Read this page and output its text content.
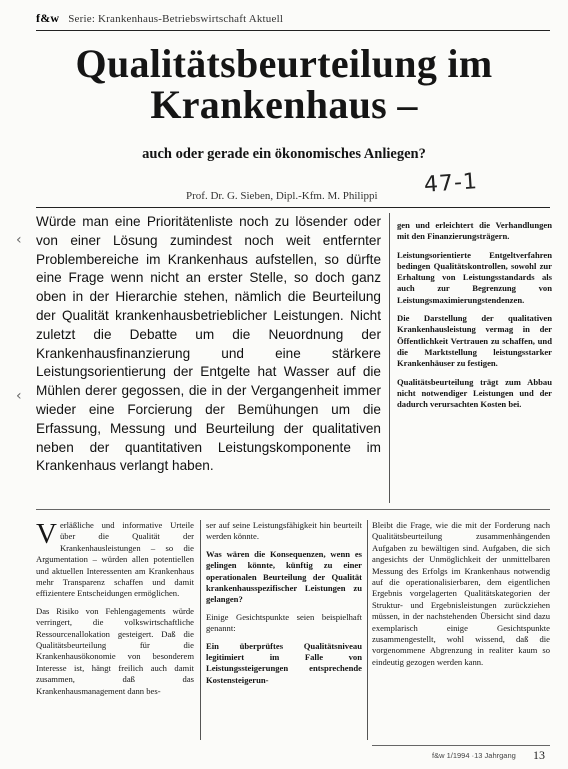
f&w Serie: Krankenhaus-Betriebswirtschaft Aktuell
Qualitätsbeurteilung im
Krankenhaus –
auch oder gerade ein ökonomisches Anliegen?
47-1
Prof. Dr. G. Sieben, Dipl.-Kfm. M. Philippi
‹
‹
Würde man eine Prioritätenliste noch zu lösender oder von einer Lösung zumindest noch weit entfernter Problembereiche im Krankenhaus aufstellen, so dürfte eine Frage wenn nicht an erster Stelle, so doch ganz oben in der Hierarchie stehen, nämlich die Beurteilung der Qualität krankenhausbetrieblicher Leistungen. Nicht zuletzt die Debatte um die Neuordnung der Krankenhausfinanzierung und eine stärkere Leistungsorientierung der Entgelte hat Wasser auf die Mühlen derer gegossen, die in der Vergangenheit immer wieder eine Forcierung der Bemühungen um die Erfassung, Messung und Beurteilung der qualitativen neben der quantitativen Leistungskomponente im Krankenhaus verlangt haben.

gen und erleichtert die Verhandlungen mit den Finanzierungsträgern.

Leistungsorientierte Entgeltverfahren bedingen Qualitätskontrollen, sowohl zur Erhaltung von Leistungsstandards als auch zur Begrenzung von Leistungsmaximierungstendenzen.

Die Darstellung der qualitativen Krankenhausleistung vermag in der Öffentlichkeit Vertrauen zu schaffen, und die Marktstellung leistungsstarker Krankenhäuser zu festigen.

Qualitätsbeurteilung trägt zum Abbau nicht notwendiger Leistungen und der dadurch verursachten Kosten bei.

Verläßliche und informative Urteile über die Qualität der Krankenhausleistungen – so die Argumentation – würden allen potentiellen und aktuellen Interessenten am Krankenhaus mehr Transparenz schaffen und damit effizientere Entscheidungen ermöglichen.

Das Risiko von Fehlengagements würde verringert, die volkswirtschaftliche Ressourcenallokation gesteigert. Daß die Qualitätsbeurteilung für die Krankenhausökonomie von besonderem Interesse ist, hängt freilich auch damit zusammen, daß das Krankenhausmanagement dann bes-

ser auf seine Leistungsfähigkeit hin beurteilt werden könnte.

Was wären die Konsequenzen, wenn es gelingen könnte, künftig zu einer operationalen Beurteilung der Qualität krankenhausspezifischer Leistungen zu gelangen?

Einige Gesichtspunkte seien beispielhaft genannt:

Ein überprüftes Qualitätsniveau legitimiert im Falle von Leistungssteigerungen entsprechende Kostensteigerun-

Bleibt die Frage, wie die mit der Forderung nach Qualitätsbeurteilung zusammenhängenden Aufgaben zu bewältigen sind. Aufgaben, die sich angesichts der Unmöglichkeit der unmittelbaren Messung des Erfolgs im Krankenhaus notwendig auf die operationalisierbaren, dem eigentlichen Ergebnis vorgelagerten Qualitätskategorien der Struktur- und Ergebnisleistungen zurückziehen müssen, in der nachstehenden Übersicht sind dazu exemplarisch einige Gesichtspunkte zusammengestellt, wohl wissend, daß die vorgenommene Abgrenzung in realiter kaum so eindeutig gezogen werden kann.

f&w 1/1994 ·13 Jahrgang 13
